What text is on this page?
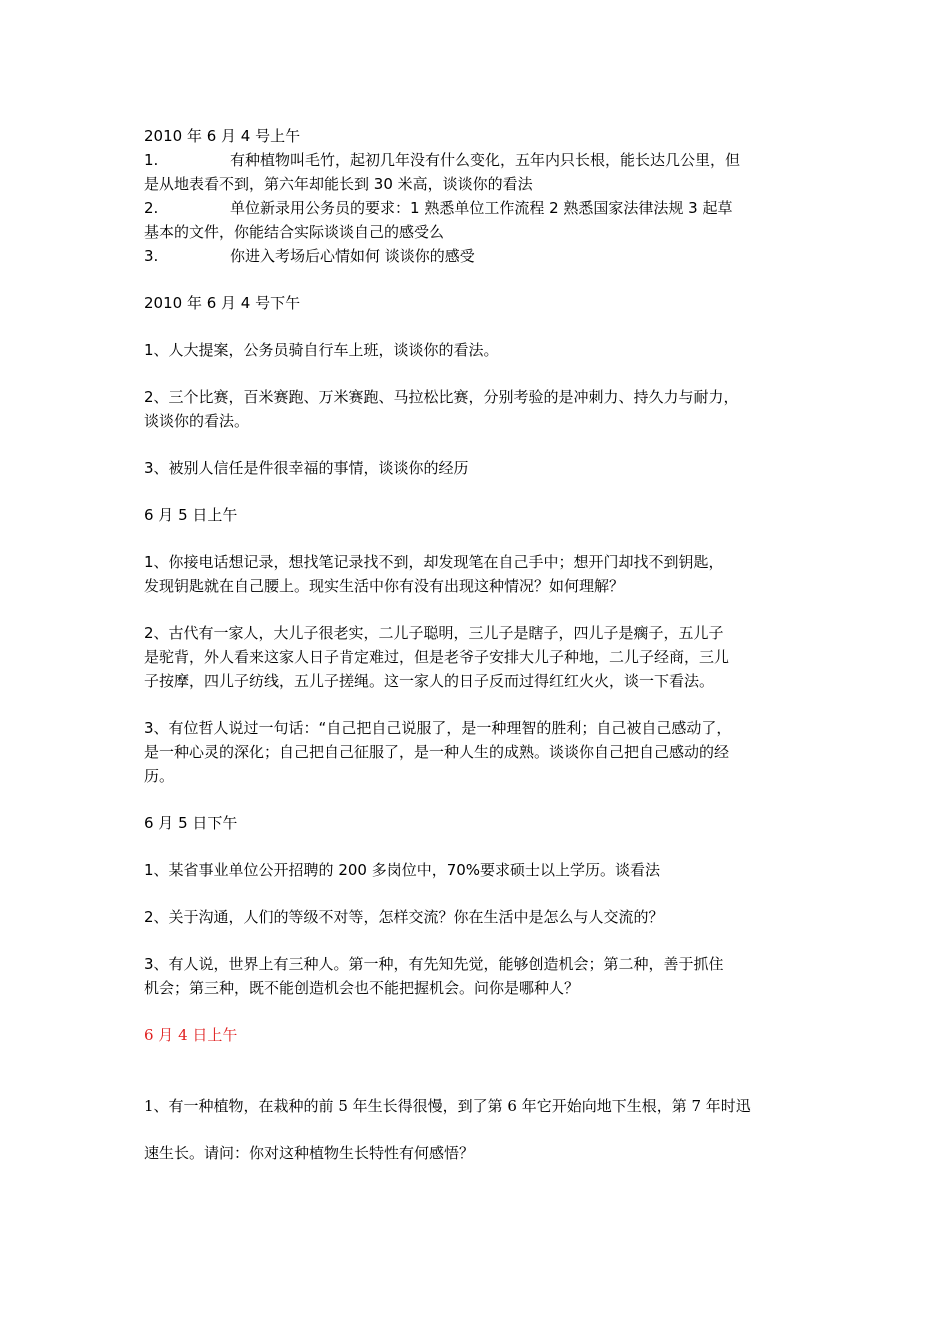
2010 年 6 月 4 号上午
1.	有种植物叫毛竹，起初几年没有什么变化，五年内只长根，能长达几公里，但
是从地表看不到，第六年却能长到 30 米高，谈谈你的看法
2.	单位新录用公务员的要求：1 熟悉单位工作流程 2 熟悉国家法律法规 3 起草
基本的文件，你能结合实际谈谈自己的感受么
3.	你进入考场后心情如何 谈谈你的感受
2010 年 6 月 4 号下午
1、人大提案，公务员骑自行车上班，谈谈你的看法。
2、三个比赛，百米赛跑、万米赛跑、马拉松比赛，分别考验的是冲刺力、持久力与耐力，
谈谈你的看法。
3、被别人信任是件很幸福的事情，谈谈你的经历
6 月 5 日上午
1、你接电话想记录，想找笔记录找不到，却发现笔在自己手中；想开门却找不到钥匙，
发现钥匙就在自己腰上。现实生活中你有没有出现这种情况？如何理解？
2、古代有一家人，大儿子很老实，二儿子聪明，三儿子是瞎子，四儿子是瘸子，五儿子
是驼背，外人看来这家人日子肯定难过，但是老爷子安排大儿子种地，二儿子经商，三儿
子按摩，四儿子纺线，五儿子搓绳。这一家人的日子反而过得红红火火，谈一下看法。
3、有位哲人说过一句话：“自己把自己说服了，是一种理智的胜利；自己被自己感动了，
是一种心灵的深化；自己把自己征服了，是一种人生的成熟。谈谈你自己把自己感动的经
历。
6 月 5 日下午
1、某省事业单位公开招聘的 200 多岗位中，70%要求硕士以上学历。谈看法
2、关于沟通，人们的等级不对等，怎样交流？你在生活中是怎么与人交流的？
3、有人说，世界上有三种人。第一种，有先知先觉，能够创造机会；第二种，善于抓住
机会；第三种，既不能创造机会也不能把握机会。问你是哪种人？
6 月 4 日上午
1、有一种植物，在栽种的前 5 年生长得很慢，到了第 6 年它开始向地下生根，第 7 年时迅
速生长。请问：你对这种植物生长特性有何感悟？
